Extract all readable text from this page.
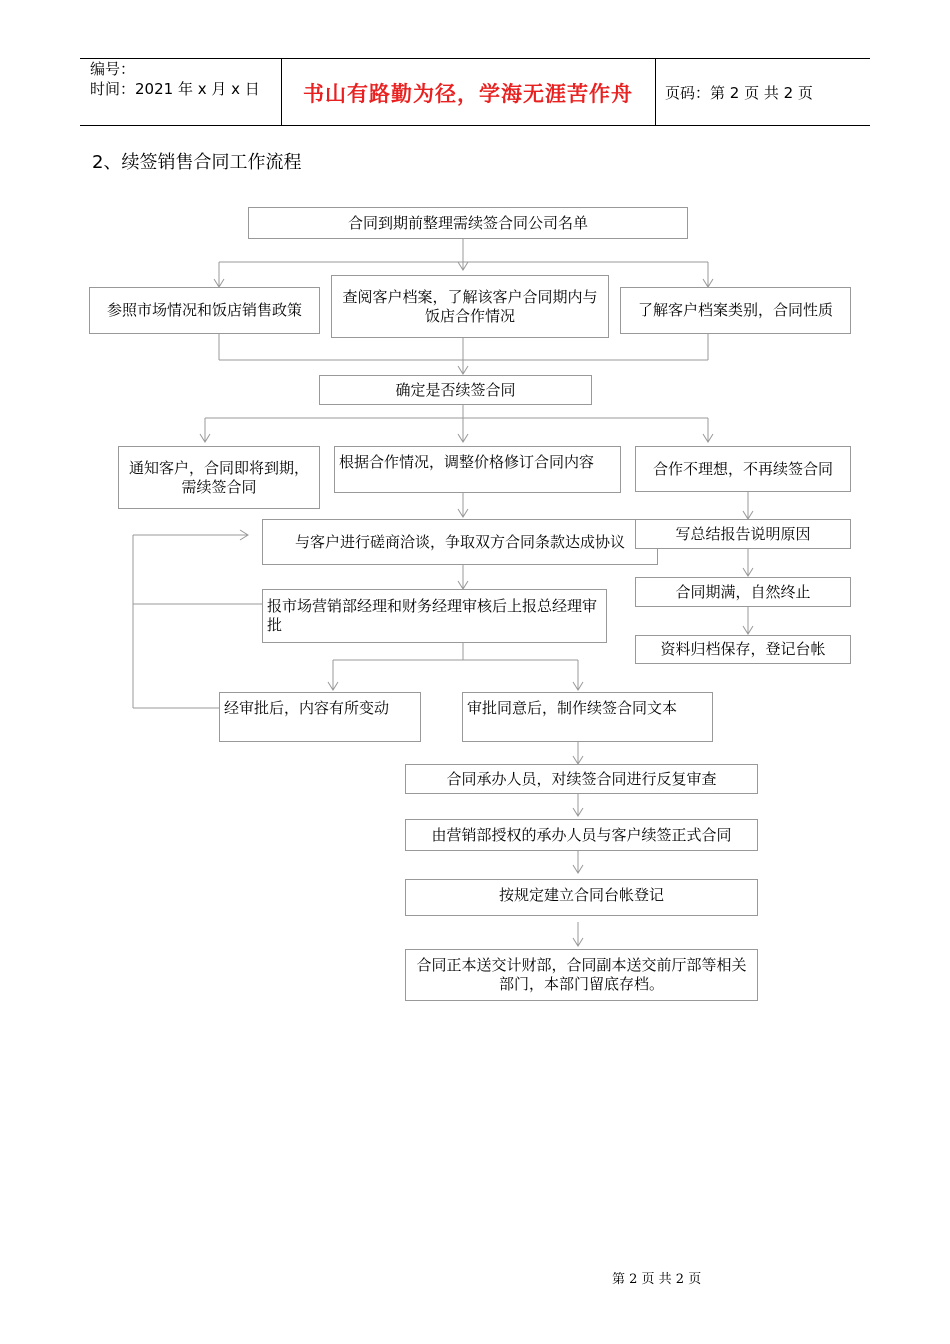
编号：
时间：2021 年 x 月 x 日	书山有路勤为径，学海无涯苦作舟	页码：第 2 页 共 2 页
2、续签销售合同工作流程
合同到期前整理需续签合同公司名单
参照市场情况和饭店销售政策
查阅客户档案，了解该客户合同期内与饭店合作情况	了解客户档案类别，合同性质
确定是否续签合同
通知客户，合同即将到期，需续签合同
根据合作情况，调整价格修订合同内容	合作不理想，不再续签合同
与客户进行磋商洽谈，争取双方合同条款达成协议	写总结报告说明原因
报市场营销部经理和财务经理审核后上报总经理审批
合同期满，自然终止
资料归档保存，登记台帐
经审批后，内容有所变动	审批同意后，制作续签合同文本
合同承办人员，对续签合同进行反复审查
由营销部授权的承办人员与客户续签正式合同
按规定建立合同台帐登记
合同正本送交计财部，合同副本送交前厅部等相关部门，本部门留底存档。
第 2 页 共 2 页
